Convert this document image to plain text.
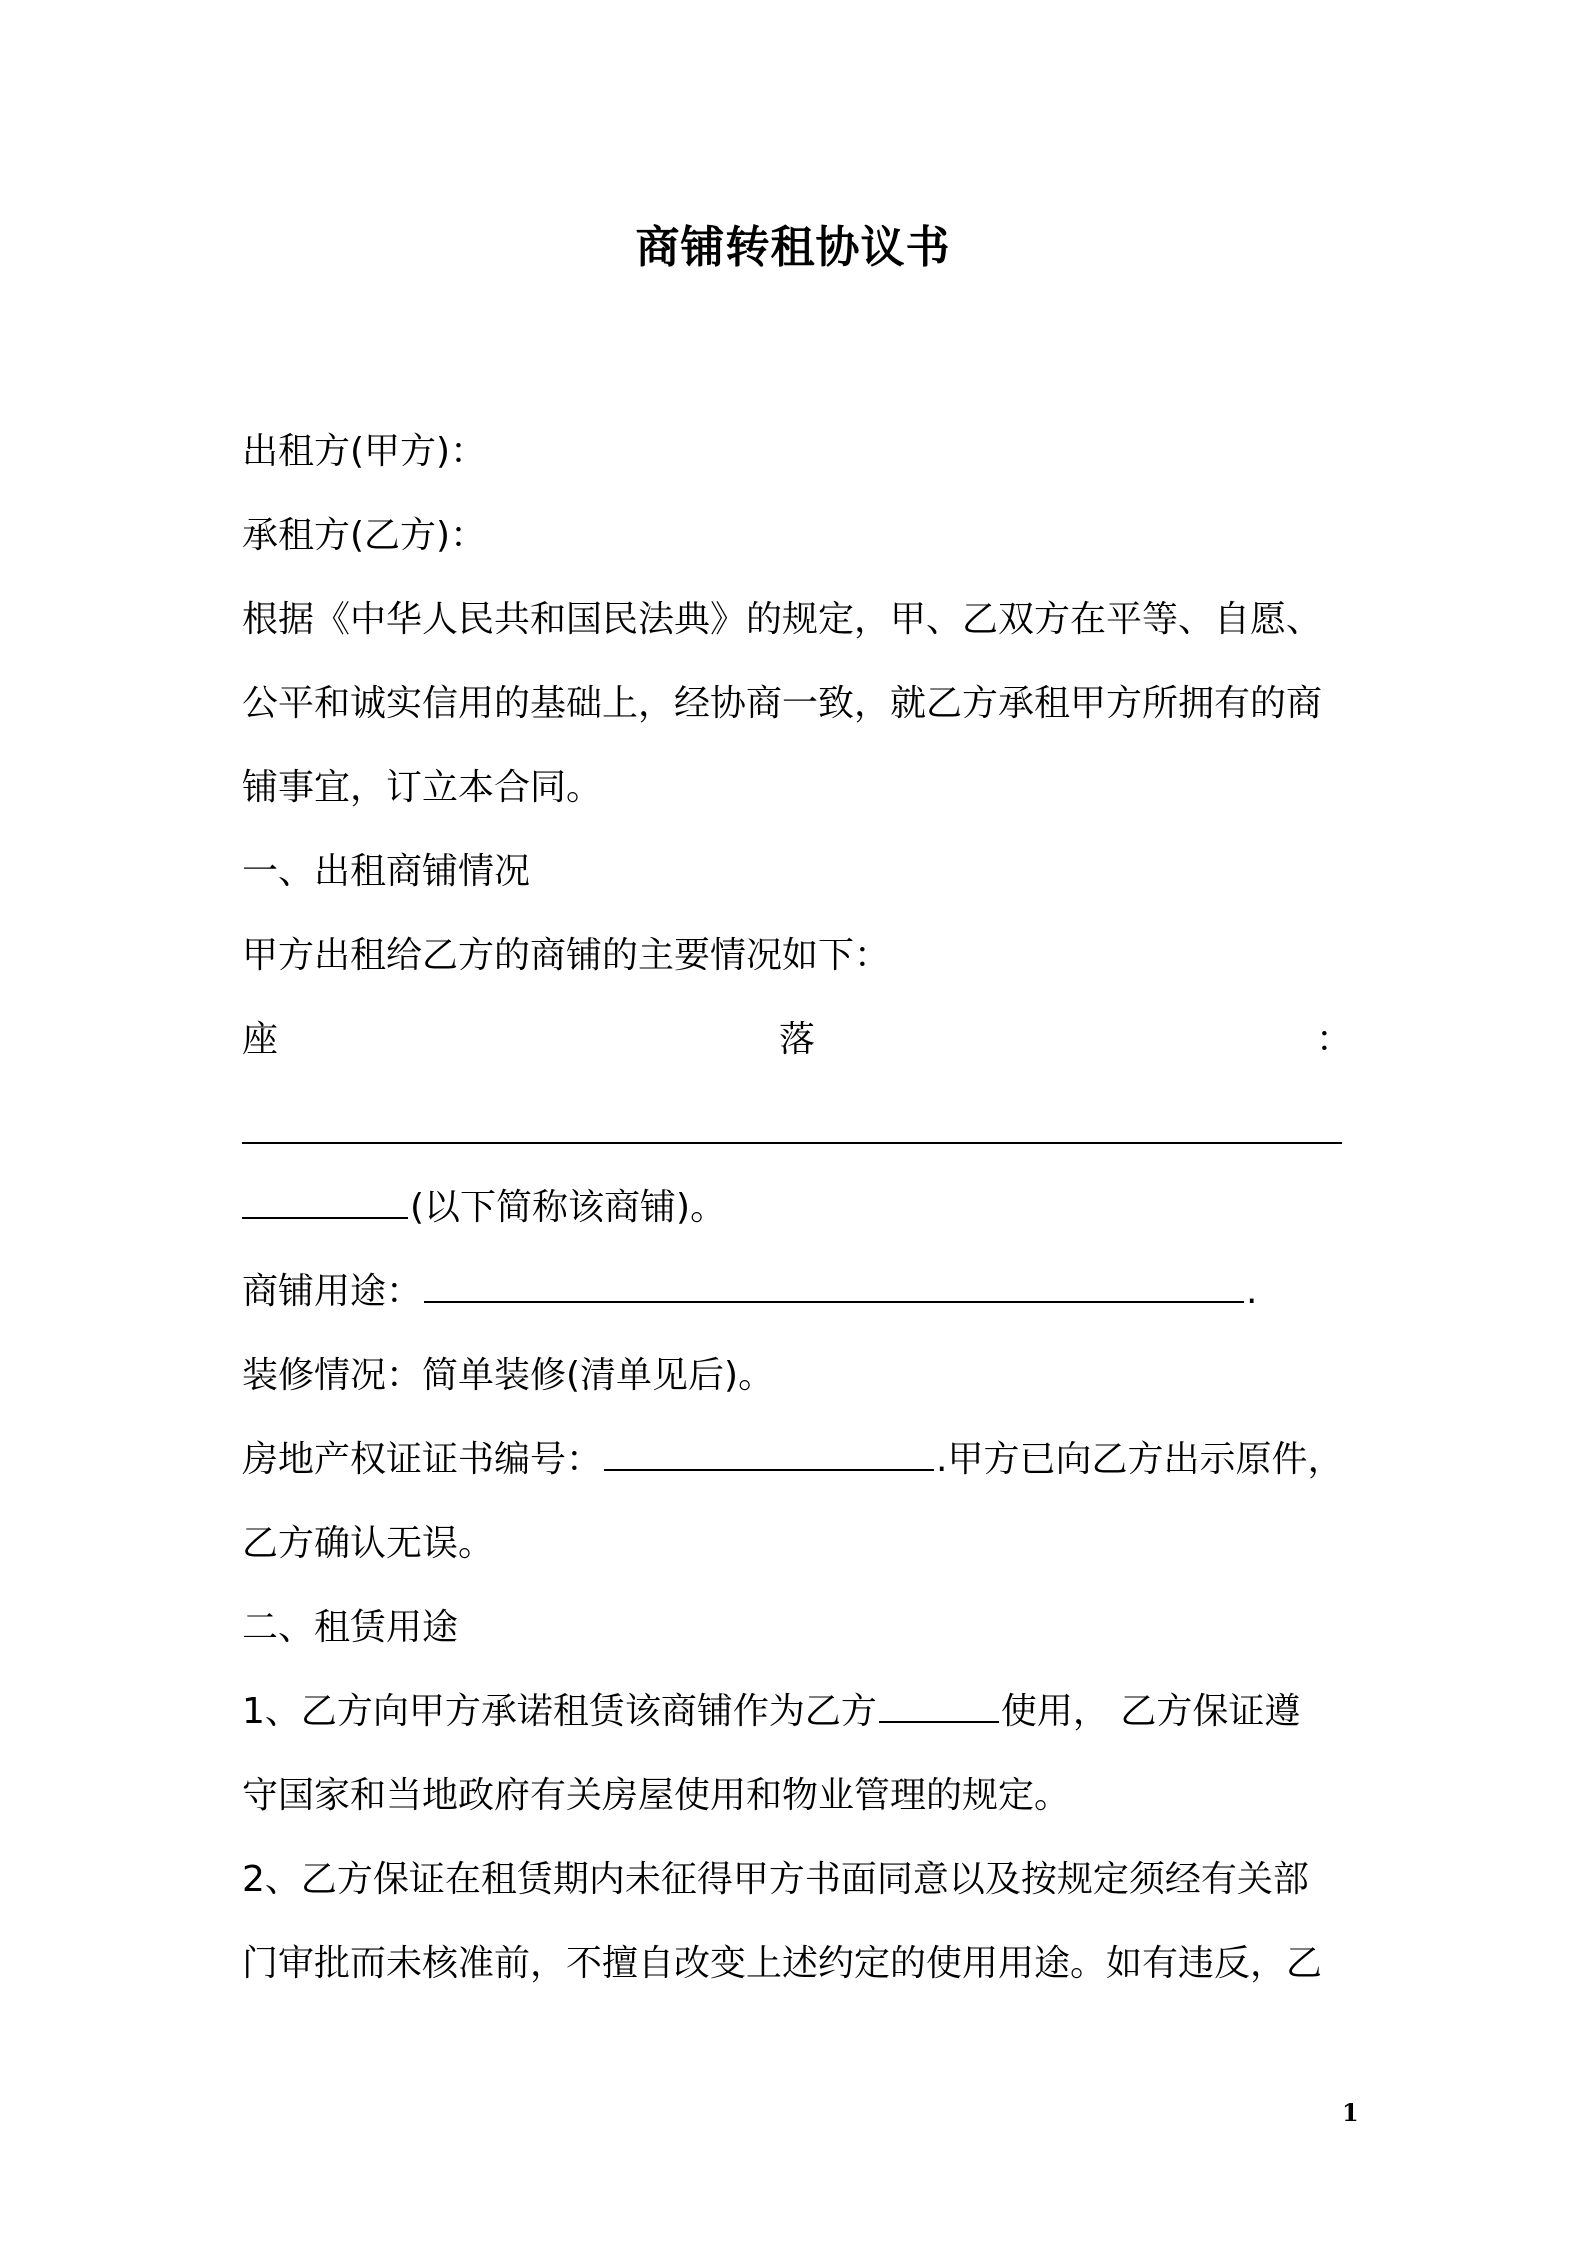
商铺转租协议书
出租方(甲方)：
承租方(乙方)：
根据《中华人民共和国民法典》的规定，甲、乙双方在平等、自愿、
公平和诚实信用的基础上，经协商一致，就乙方承租甲方所拥有的商
铺事宜，订立本合同。
一、出租商铺情况
甲方出租给乙方的商铺的主要情况如下：
座	落	：
(以下简称该商铺)。
商铺用途：	.
装修情况：简单装修(清单见后)。
房地产权证证书编号：	.甲方已向乙方出示原件，
乙方确认无误。
二、租赁用途
1、乙方向甲方承诺租赁该商铺作为乙方	使用， 乙方保证遵
守国家和当地政府有关房屋使用和物业管理的规定。
2、乙方保证在租赁期内未征得甲方书面同意以及按规定须经有关部
门审批而未核准前，不擅自改变上述约定的使用用途。如有违反，乙
1
